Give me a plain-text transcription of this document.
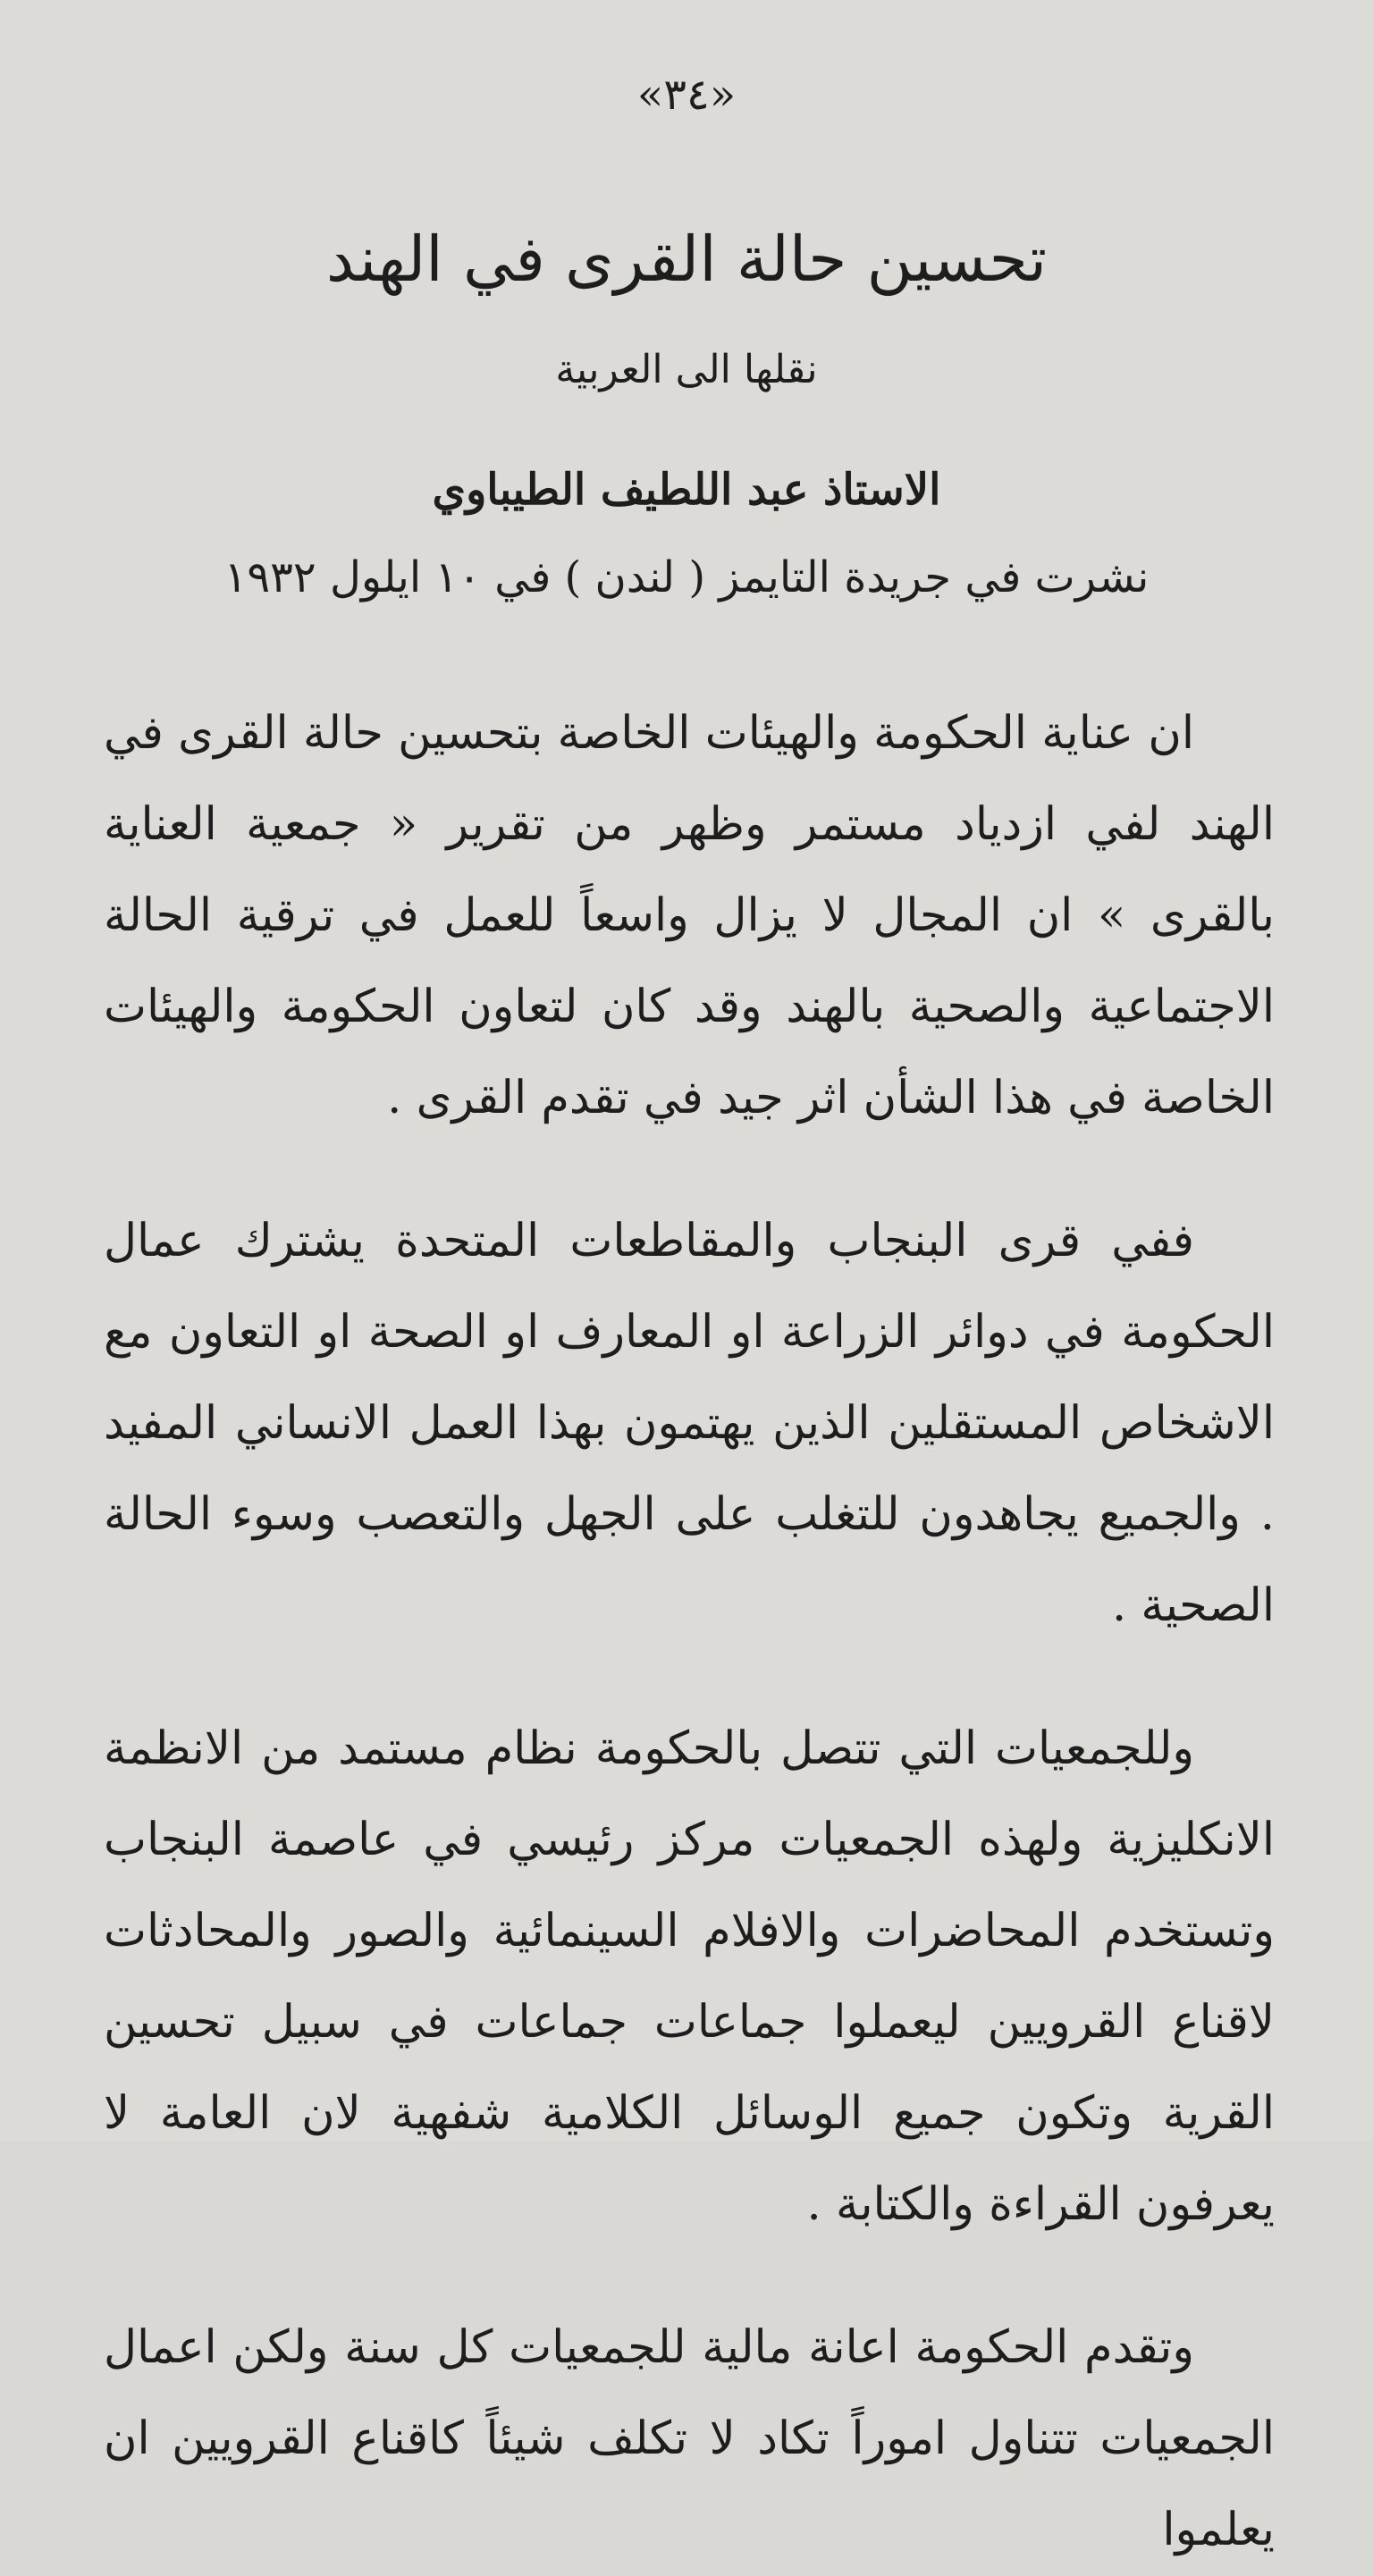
«٣٤»
تحسين حالة القرى في الهند
نقلها الى العربية
الاستاذ عبد اللطيف الطيباوي
نشرت في جريدة التايمز ( لندن ) في ١٠ ايلول ١٩٣٢

ان عناية الحكومة والهيئات الخاصة بتحسين حالة القرى في الهند لفي ازدياد مستمر وظهر من تقرير « جمعية العناية بالقرى » ان المجال لا يزال واسعاً للعمل في ترقية الحالة الاجتماعية والصحية بالهند وقد كان لتعاون الحكومة والهيئات الخاصة في هذا الشأن اثر جيد في تقدم القرى .

ففي قرى البنجاب والمقاطعات المتحدة يشترك عمال الحكومة في دوائر الزراعة او المعارف او الصحة او التعاون مع الاشخاص المستقلين الذين يهتمون بهذا العمل الانساني المفيد . والجميع يجاهدون للتغلب على الجهل والتعصب وسوء الحالة الصحية .

وللجمعيات التي تتصل بالحكومة نظام مستمد من الانظمة الانكليزية ولهذه الجمعيات مركز رئيسي في عاصمة البنجاب وتستخدم المحاضرات والافلام السينمائية والصور والمحادثات لاقناع القرويين ليعملوا جماعات جماعات في سبيل تحسين القرية وتكون جميع الوسائل الكلامية شفهية لان العامة لا يعرفون القراءة والكتابة .

وتقدم الحكومة اعانة مالية للجمعيات كل سنة ولكن اعمال الجمعيات تتناول اموراً تكاد لا تكلف شيئاً كاقناع القرويين ان يعلموا
